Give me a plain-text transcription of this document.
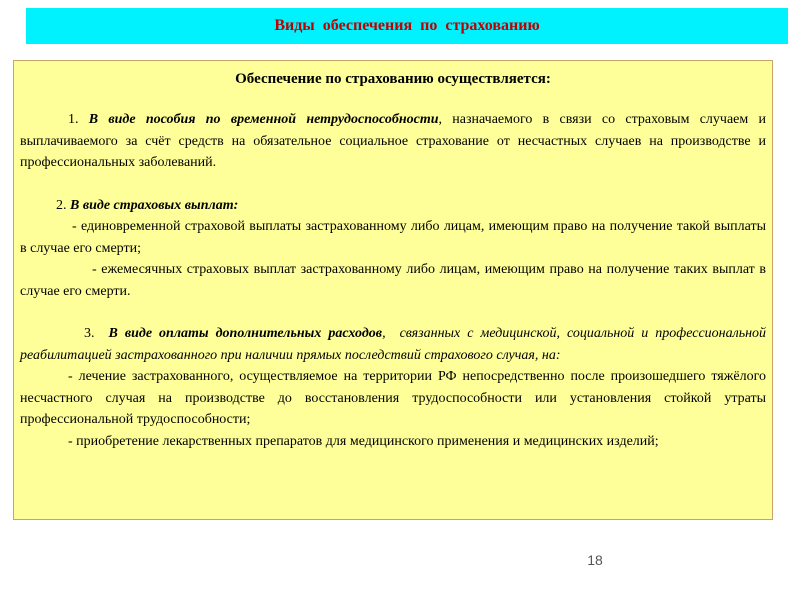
Виды обеспечения по страхованию
Обеспечение по страхованию осуществляется:

1. В виде пособия по временной нетрудоспособности, назначаемого в связи со страховым случаем и выплачиваемого за счёт средств на обязательное социальное страхование от несчастных случаев на производстве и профессиональных заболеваний.

2. В виде страховых выплат:

- единовременной страховой выплаты застрахованному либо лицам, имеющим право на получение такой выплаты в случае его смерти;

- ежемесячных страховых выплат застрахованному либо лицам, имеющим право на получение таких выплат в случае его смерти.

3. В виде оплаты дополнительных расходов, связанных с медицинской, социальной и профессиональной реабилитацией застрахованного при наличии прямых последствий страхового случая, на:

- лечение застрахованного, осуществляемое на территории РФ непосредственно после произошедшего тяжёлого несчастного случая на производстве до восстановления трудоспособности или установления стойкой утраты профессиональной трудоспособности;

- приобретение лекарственных препаратов для медицинского применения и медицинских изделий;

18
